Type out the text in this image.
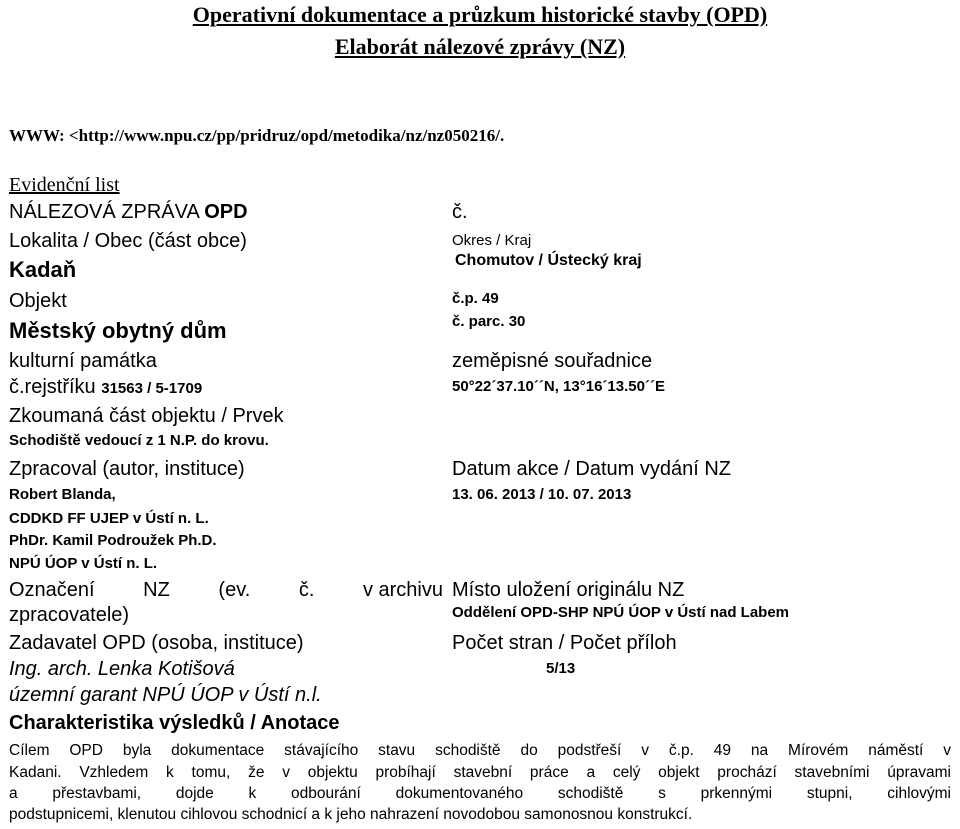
Operativní dokumentace a průzkum historické stavby (OPD)
Elaborát nálezové zprávy (NZ)
WWW: <http://www.npu.cz/pp/pridruz/opd/metodika/nz/nz050216/.
Evidenční list
NÁLEZOVÁ ZPRÁVA OPD
Lokalita / Obec (část obce)
Kadaň
Objekt
Městský obytný dům
kulturní památka
č.rejstříku 31563 / 5-1709
Zkoumaná část objektu / Prvek
Schodiště vedoucí z 1 N.P. do krovu.
Zpracoval (autor, instituce)
Robert Blanda,
CDDKD FF UJEP v Ústí n. L.
PhDr. Kamil Podroužek Ph.D.
NPÚ ÚOP v Ústí n. L.
Označení NZ (ev. č. v archivu
zpracovatele)
Zadavatel OPD (osoba, instituce)
Ing. arch. Lenka Kotišová
územní garant NPÚ ÚOP v Ústí n.l.
č.
Okres / Kraj
Chomutov / Ústecký kraj
č.p. 49
č. parc. 30
zeměpisné souřadnice
50°22´37.10´´N, 13°16´13.50´´E
Datum akce / Datum vydání NZ
13. 06. 2013 / 10. 07. 2013
Místo uložení originálu NZ
Oddělení OPD-SHP NPÚ ÚOP v Ústí nad Labem
Počet stran / Počet příloh
5/13
Charakteristika výsledků / Anotace
Cílem OPD byla dokumentace stávajícího stavu schodiště do podstřeší v č.p. 49 na Mírovém náměstí v
Kadani. Vzhledem k tomu, že v objektu probíhají stavební práce a celý objekt prochází stavebními úpravami
a přestavbami, dojde k odbourání dokumentovaného schodiště s prkennými stupni, cihlovými
podstupnicemi, klenutou cihlovou schodnicí a k jeho nahrazení novodobou samonosnou konstrukcí.
